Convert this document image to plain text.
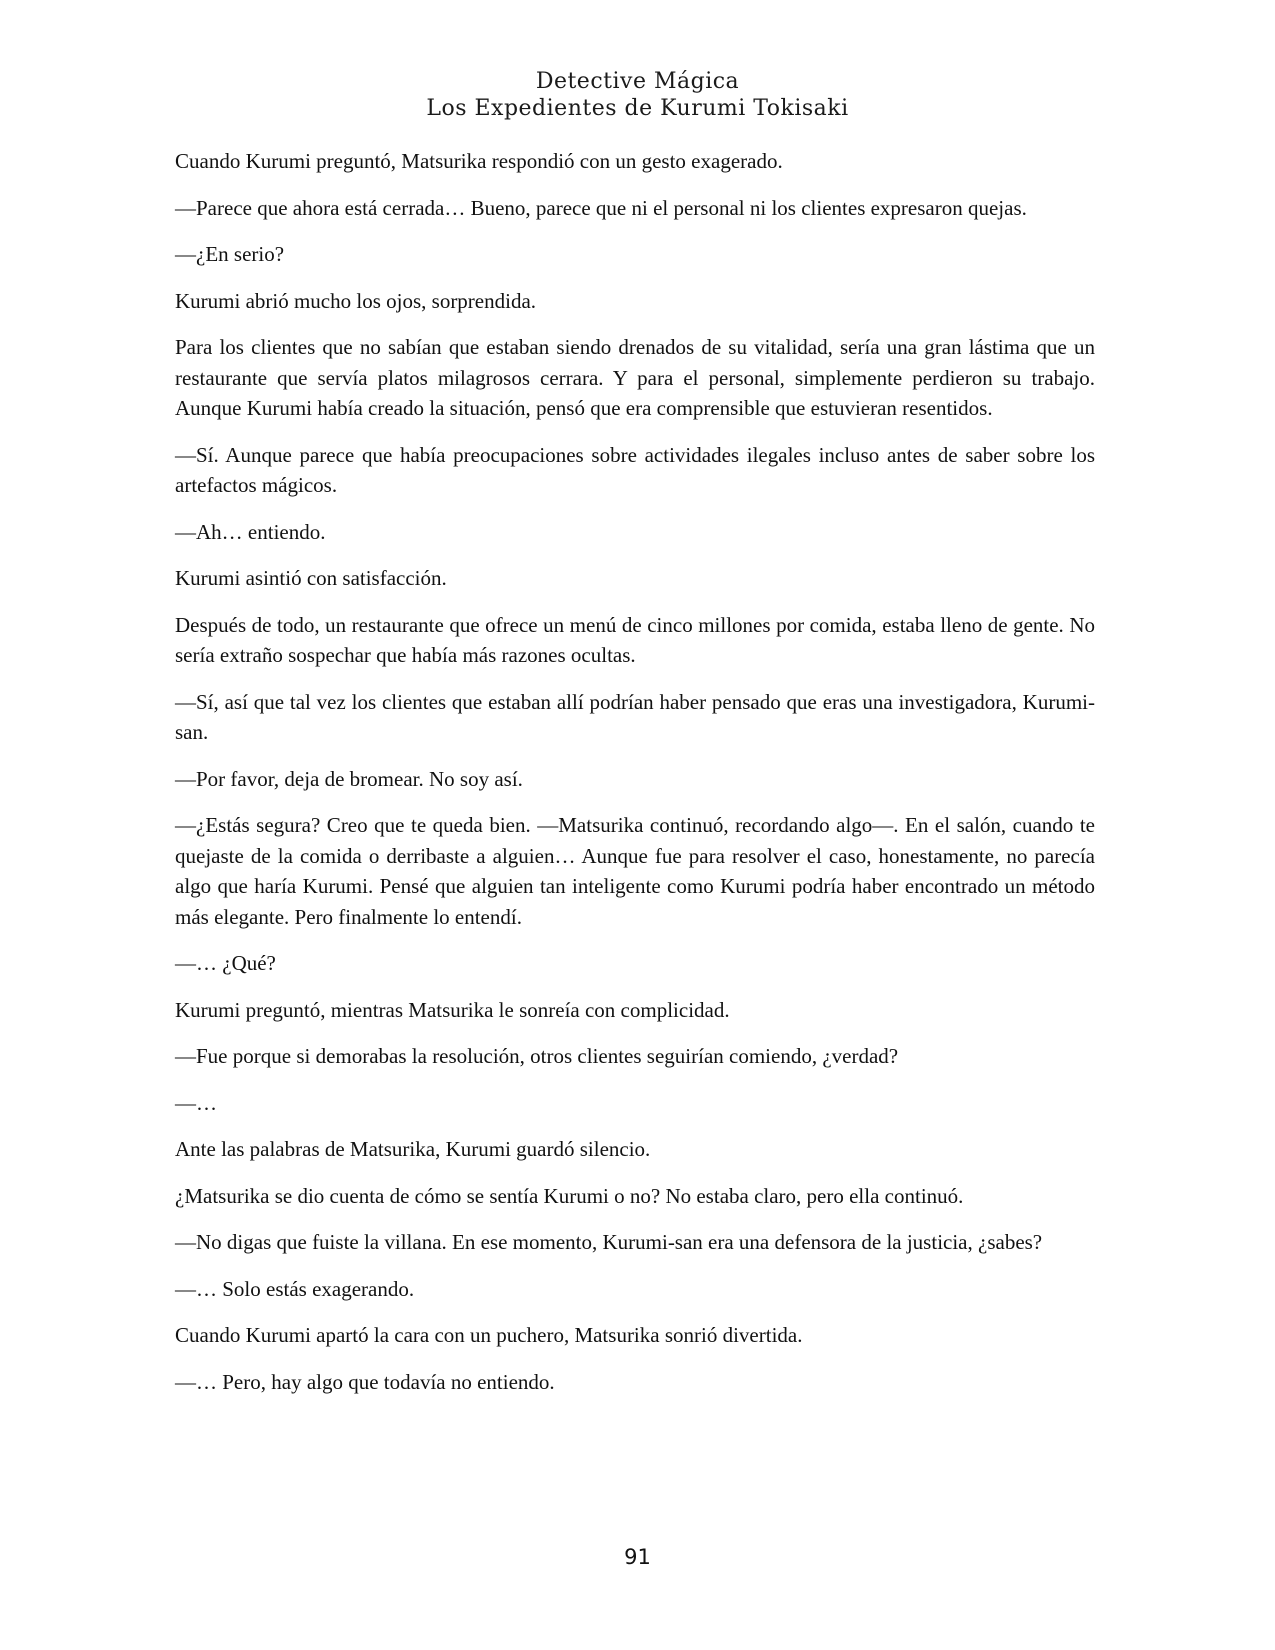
Detective Mágica
Los Expedientes de Kurumi Tokisaki

Cuando Kurumi preguntó, Matsurika respondió con un gesto exagerado.

—Parece que ahora está cerrada… Bueno, parece que ni el personal ni los clientes expresaron quejas.

—¿En serio?

Kurumi abrió mucho los ojos, sorprendida.

Para los clientes que no sabían que estaban siendo drenados de su vitalidad, sería una gran lástima que un restaurante que servía platos milagrosos cerrara. Y para el personal, simplemente perdieron su trabajo. Aunque Kurumi había creado la situación, pensó que era comprensible que estuvieran resentidos.

—Sí. Aunque parece que había preocupaciones sobre actividades ilegales incluso antes de saber sobre los artefactos mágicos.

—Ah… entiendo.

Kurumi asintió con satisfacción.

Después de todo, un restaurante que ofrece un menú de cinco millones por comida, estaba lleno de gente. No sería extraño sospechar que había más razones ocultas.

—Sí, así que tal vez los clientes que estaban allí podrían haber pensado que eras una investigadora, Kurumi-san.

—Por favor, deja de bromear. No soy así.

—¿Estás segura? Creo que te queda bien. —Matsurika continuó, recordando algo—. En el salón, cuando te quejaste de la comida o derribaste a alguien… Aunque fue para resolver el caso, honestamente, no parecía algo que haría Kurumi. Pensé que alguien tan inteligente como Kurumi podría haber encontrado un método más elegante. Pero finalmente lo entendí.

—… ¿Qué?

Kurumi preguntó, mientras Matsurika le sonreía con complicidad.

—Fue porque si demorabas la resolución, otros clientes seguirían comiendo, ¿verdad?

—…

Ante las palabras de Matsurika, Kurumi guardó silencio.

¿Matsurika se dio cuenta de cómo se sentía Kurumi o no? No estaba claro, pero ella continuó.

—No digas que fuiste la villana. En ese momento, Kurumi-san era una defensora de la justicia, ¿sabes?

—… Solo estás exagerando.

Cuando Kurumi apartó la cara con un puchero, Matsurika sonrió divertida.

—… Pero, hay algo que todavía no entiendo.

91
